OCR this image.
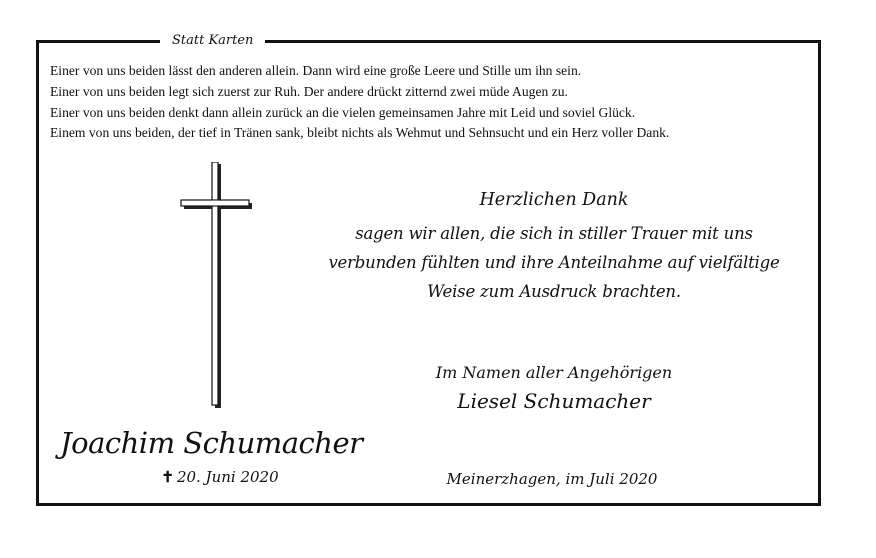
Statt Karten
Einer von uns beiden lässt den anderen allein. Dann wird eine große Leere und Stille um ihn sein.
Einer von uns beiden legt sich zuerst zur Ruh. Der andere drückt zitternd zwei müde Augen zu.
Einer von uns beiden denkt dann allein zurück an die vielen gemeinsamen Jahre mit Leid und soviel Glück.
Einem von uns beiden, der tief in Tränen sank, bleibt nichts als Wehmut und Sehnsucht und ein Herz voller Dank.
Herzlichen Dank
sagen wir allen, die sich in stiller Trauer mit uns
verbunden fühlten und ihre Anteilnahme auf vielfältige
Weise zum Ausdruck brachten.
Im Namen aller Angehörigen
Liesel Schumacher
Joachim Schumacher
✝ 20. Juni 2020	Meinerzhagen, im Juli 2020
